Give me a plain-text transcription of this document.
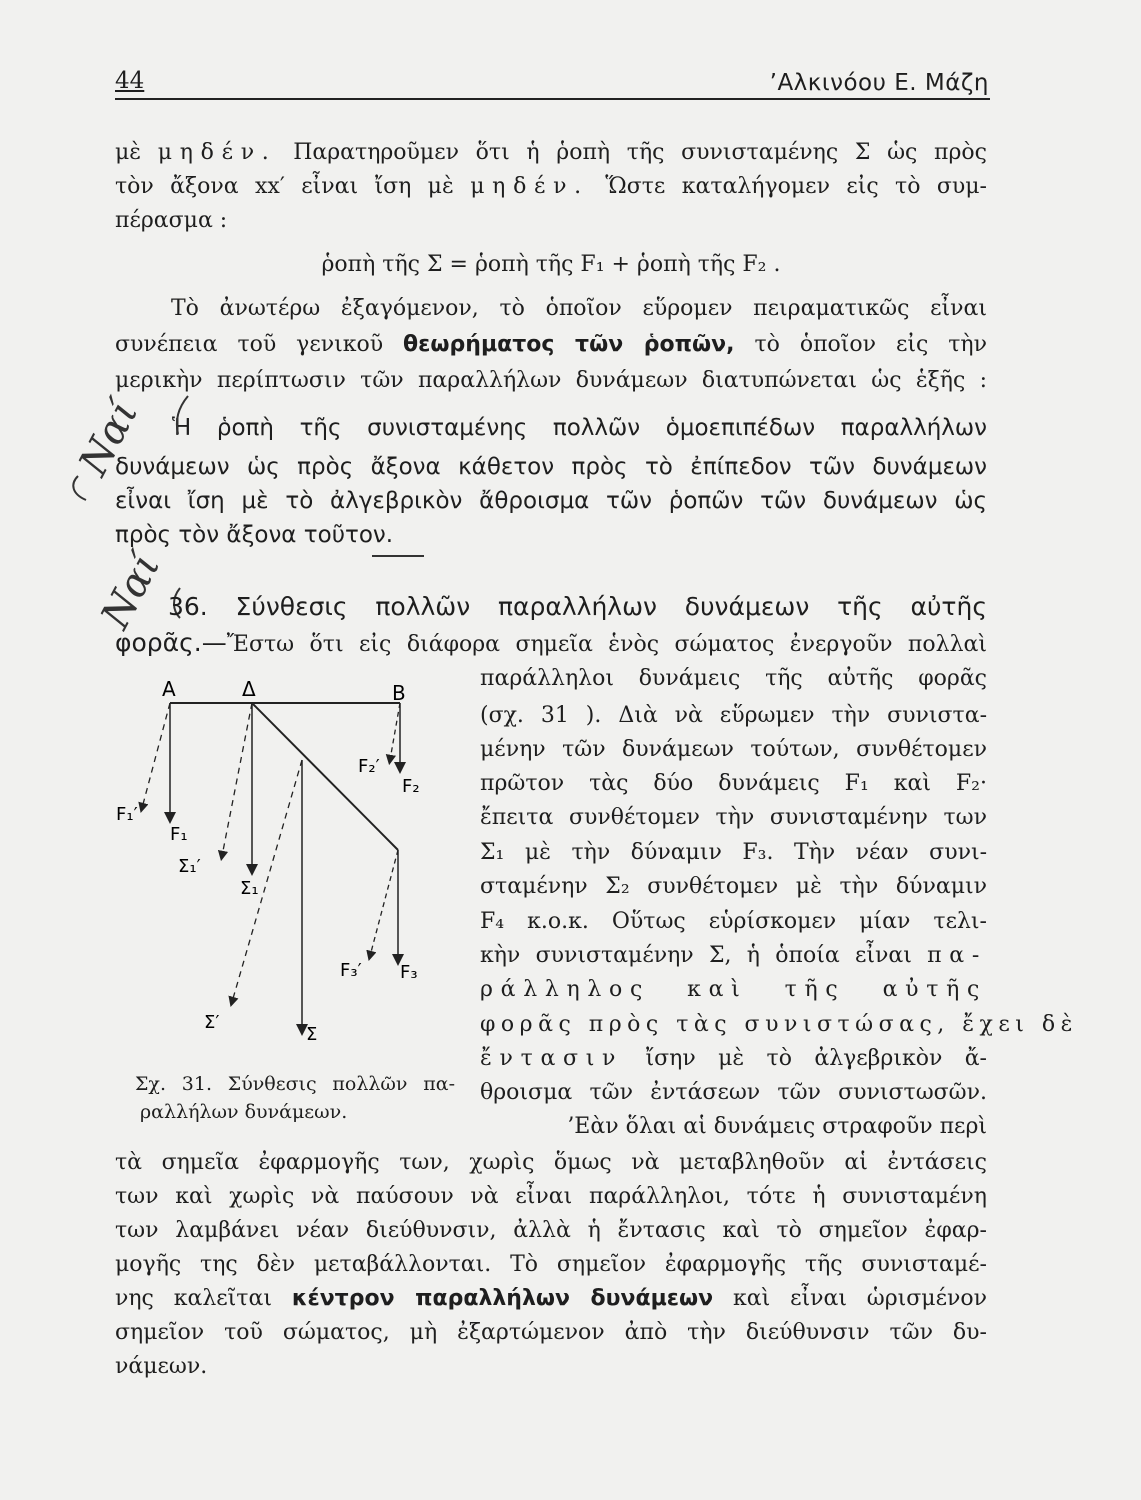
44	’Αλκινόου Ε. Μάζη
μὲ μηδέν. Παρατηροῦμεν ὅτι ἡ ῥοπὴ τῆς συνισταμένης Σ ὡς πρὸς
τὸν ἄξονα xx′ εἶναι ἴση μὲ μηδέν. Ὥστε καταλήγομεν εἰς τὸ συμ-
πέρασμα :
ῥοπὴ τῆς Σ = ῥοπὴ τῆς F₁ + ῥοπὴ τῆς F₂ .
Τὸ ἀνωτέρω ἐξαγόμενον, τὸ ὁποῖον εὕρομεν πειραματικῶς εἶναι
συνέπεια τοῦ γενικοῦ θεωρήματος τῶν ῥοπῶν, τὸ ὁποῖον εἰς τὴν
μερικὴν περίπτωσιν τῶν παραλλήλων δυνάμεων διατυπώνεται ὡς ἑξῆς :
Ἡ ῥοπὴ τῆς συνισταμένης πολλῶν ὁμοεπιπέδων παραλλήλων
δυνάμεων ὡς πρὸς ἄξονα κάθετον πρὸς τὸ ἐπίπεδον τῶν δυνάμεων
εἶναι ἴση μὲ τὸ ἀλγεβρικὸν ἄθροισμα τῶν ῥοπῶν τῶν δυνάμεων ὡς
πρὸς τὸν ἄξονα τοῦτον.
Ναί
Ναί
36. Σύνθεσις πολλῶν παραλλήλων δυνάμεων τῆς αὐτῆς
φορᾶς.—Ἔστω ὅτι εἰς διάφορα σημεῖα ἑνὸς σώματος ἐνεργοῦν πολλαὶ
παράλληλοι δυνάμεις τῆς αὐτῆς φορᾶς
(σχ. 31 ). Διὰ νὰ εὕρωμεν τὴν συνιστα-
μένην τῶν δυνάμεων τούτων, συνθέτομεν
πρῶτον τὰς δύο δυνάμεις F₁ καὶ F₂·
ἔπειτα συνθέτομεν τὴν συνισταμένην των
Σ₁ μὲ τὴν δύναμιν F₃. Τὴν νέαν συνι-
σταμένην Σ₂ συνθέτομεν μὲ τὴν δύναμιν
F₄ κ.ο.κ. Οὕτως εὑρίσκομεν μίαν τελι-
κὴν συνισταμένην Σ, ἡ ὁποία εἶναι πα-
ράλληλος καὶ τῆς αὐτῆς
φορᾶς πρὸς τὰς συνιστώσας, ἔχει δὲ
ἔντασιν ἴσην μὲ τὸ ἀλγεβρικὸν ἄ-
θροισμα τῶν ἐντάσεων τῶν συνιστωσῶν.
’Εὰν ὅλαι αἱ δυνάμεις στραφοῦν περὶ
τὰ σημεῖα ἐφαρμογῆς των, χωρὶς ὅμως νὰ μεταβληθοῦν αἱ ἐντάσεις
των καὶ χωρὶς νὰ παύσουν νὰ εἶναι παράλληλοι, τότε ἡ συνισταμένη
των λαμβάνει νέαν διεύθυνσιν, ἀλλὰ ἡ ἔντασις καὶ τὸ σημεῖον ἐφαρ-
μογῆς της δὲν μεταβάλλονται. Τὸ σημεῖον ἐφαρμογῆς τῆς συνισταμέ-
νης καλεῖται κέντρον παραλλήλων δυνάμεων καὶ εἶναι ὡρισμένον
σημεῖον τοῦ σώματος, μὴ ἐξαρτώμενον ἀπὸ τὴν διεύθυνσιν τῶν δυ-
νάμεων.
A	Δ	B
F₁′
F₁
Σ₁′
Σ₁
F₂′
F₂
F₃′ F₃
Σ′
Σ
Σχ. 31. Σύνθεσις πολλῶν πα-
ραλλήλων δυνάμεων.
